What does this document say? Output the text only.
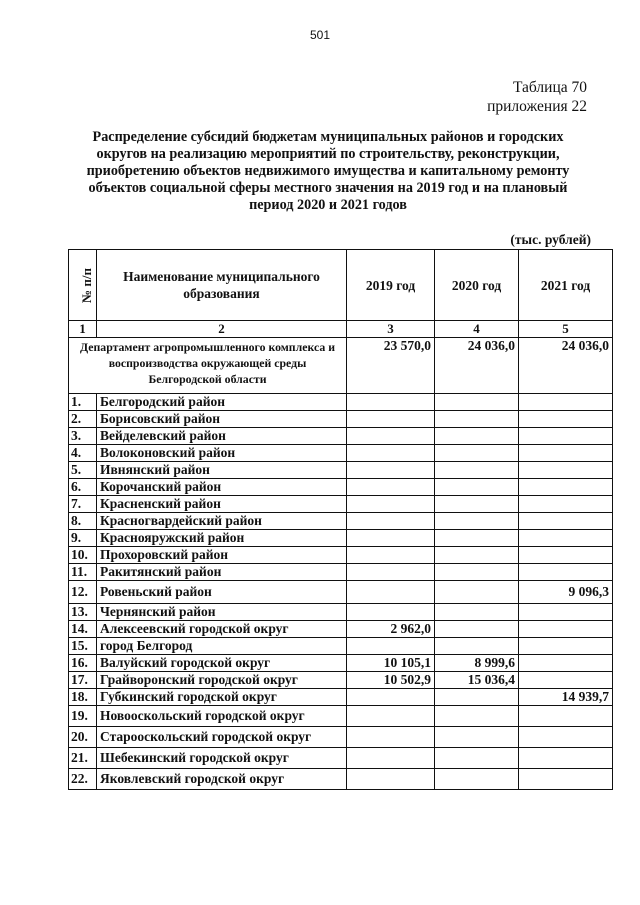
501
Таблица 70
приложения 22
Распределение субсидий бюджетам муниципальных районов и городских округов на реализацию мероприятий по строительству, реконструкции, приобретению объектов недвижимого имущества и капитальному ремонту объектов социальной сферы местного значения на 2019 год и на плановый период 2020 и 2021 годов
(тыс. рублей)
№ п/п	Наименование муниципального образования	2019 год	2020 год	2021 год
1	2	3	4	5
Департамент агропромышленного комплекса и воспроизводства окружающей среды Белгородской области		23 570,0	24 036,0	24 036,0
1.	Белгородский район			
2.	Борисовский район			
3.	Вейделевский район			
4.	Волоконовский район			
5.	Ивнянский район			
6.	Корочанский район			
7.	Красненский район			
8.	Красногвардейский район			
9.	Краснояружский район			
10.	Прохоровский район			
11.	Ракитянский район			
12.	Ровеньский район			9 096,3
13.	Чернянский район			
14.	Алексеевский городской округ	2 962,0		
15.	город Белгород			
16.	Валуйский городской округ	10 105,1	8 999,6	
17.	Грайворонский городской округ	10 502,9	15 036,4	
18.	Губкинский городской округ			14 939,7
19.	Новооскольский городской округ			
20.	Старооскольский городской округ			
21.	Шебекинский городской округ			
22.	Яковлевский городской округ			
